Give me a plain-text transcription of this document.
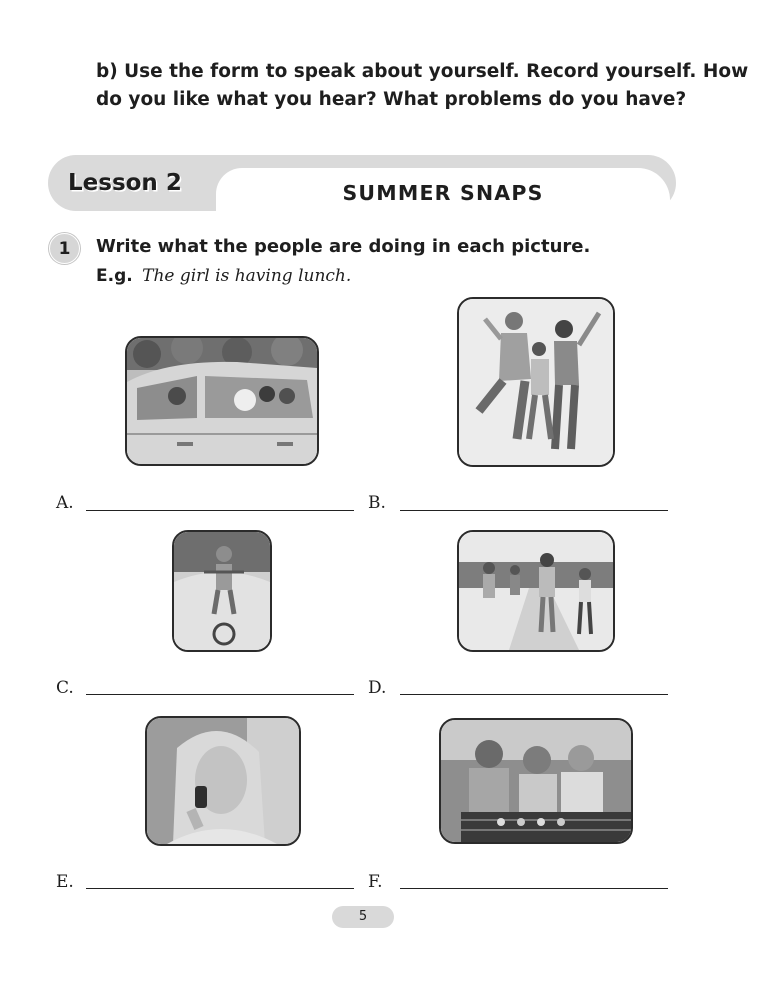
b) Use the form to speak about yourself. Record yourself. How
do you like what you hear? What problems do you have?
Lesson 2	SUMMER SNAPS
1	Write what the people are doing in each picture.
E.g. The girl is having lunch.
A.	B.
C.	D.
E.	F.
5
